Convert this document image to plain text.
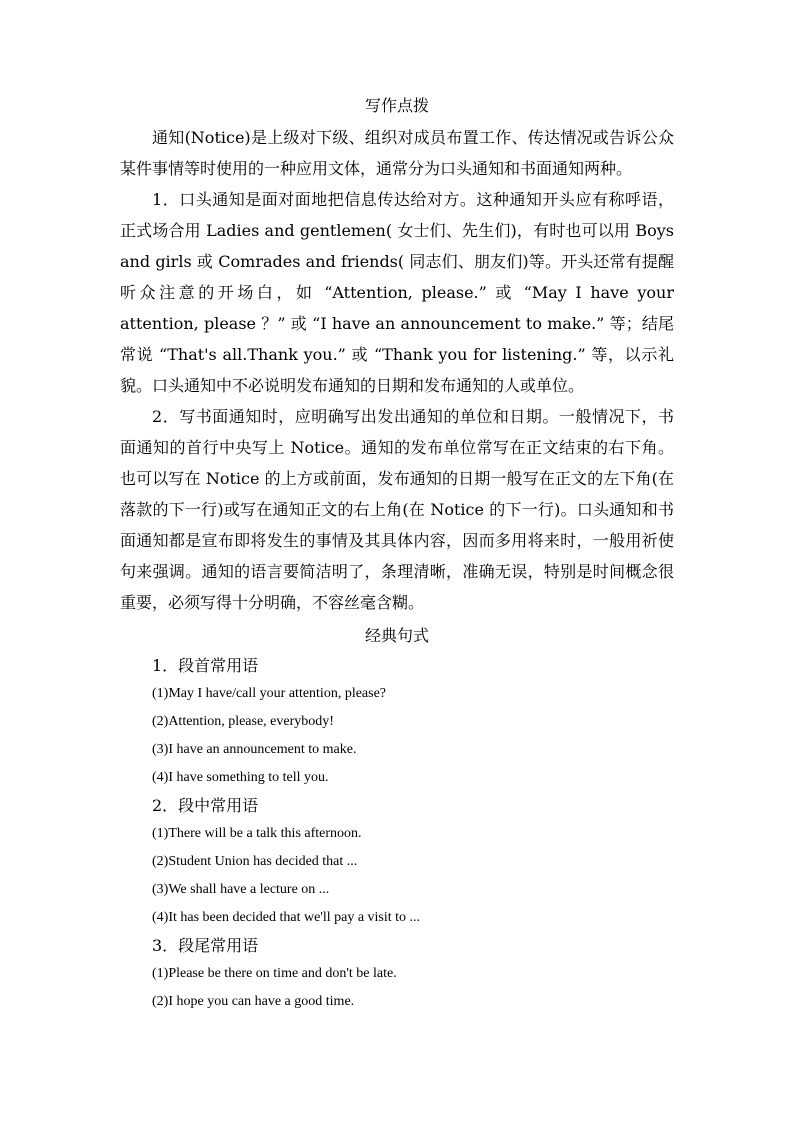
写作点拨

通知(Notice)是上级对下级、组织对成员布置工作、传达情况或告诉公众某件事情等时使用的一种应用文体，通常分为口头通知和书面通知两种。

1．口头通知是面对面地把信息传达给对方。这种通知开头应有称呼语，正式场合用 Ladies and gentlemen( 女士们、先生们)，有时也可以用 Boys and girls 或 Comrades and friends( 同志们、朋友们)等。开头还常有提醒听众注意的开场白，如 “Attention, please.” 或 “May I have your attention, please ？” 或 “I have an announcement to make.” 等；结尾常说 “That's all.Thank you.” 或 “Thank you for listening.” 等，以示礼貌。口头通知中不必说明发布通知的日期和发布通知的人或单位。

2．写书面通知时，应明确写出发出通知的单位和日期。一般情况下，书面通知的首行中央写上 Notice。通知的发布单位常写在正文结束的右下角。也可以写在 Notice 的上方或前面，发布通知的日期一般写在正文的左下角(在落款的下一行)或写在通知正文的右上角(在 Notice 的下一行)。口头通知和书面通知都是宣布即将发生的事情及其具体内容，因而多用将来时，一般用祈使句来强调。通知的语言要简洁明了，条理清晰，准确无误，特别是时间概念很重要，必须写得十分明确，不容丝毫含糊。

经典句式
1．段首常用语
(1)May I have/call your attention, please?
(2)Attention, please, everybody!
(3)I have an announcement to make.
(4)I have something to tell you.
2．段中常用语
(1)There will be a talk this afternoon.
(2)Student Union has decided that ...
(3)We shall have a lecture on ...
(4)It has been decided that we'll pay a visit to ...
3．段尾常用语
(1)Please be there on time and don't be late.
(2)I hope you can have a good time.
